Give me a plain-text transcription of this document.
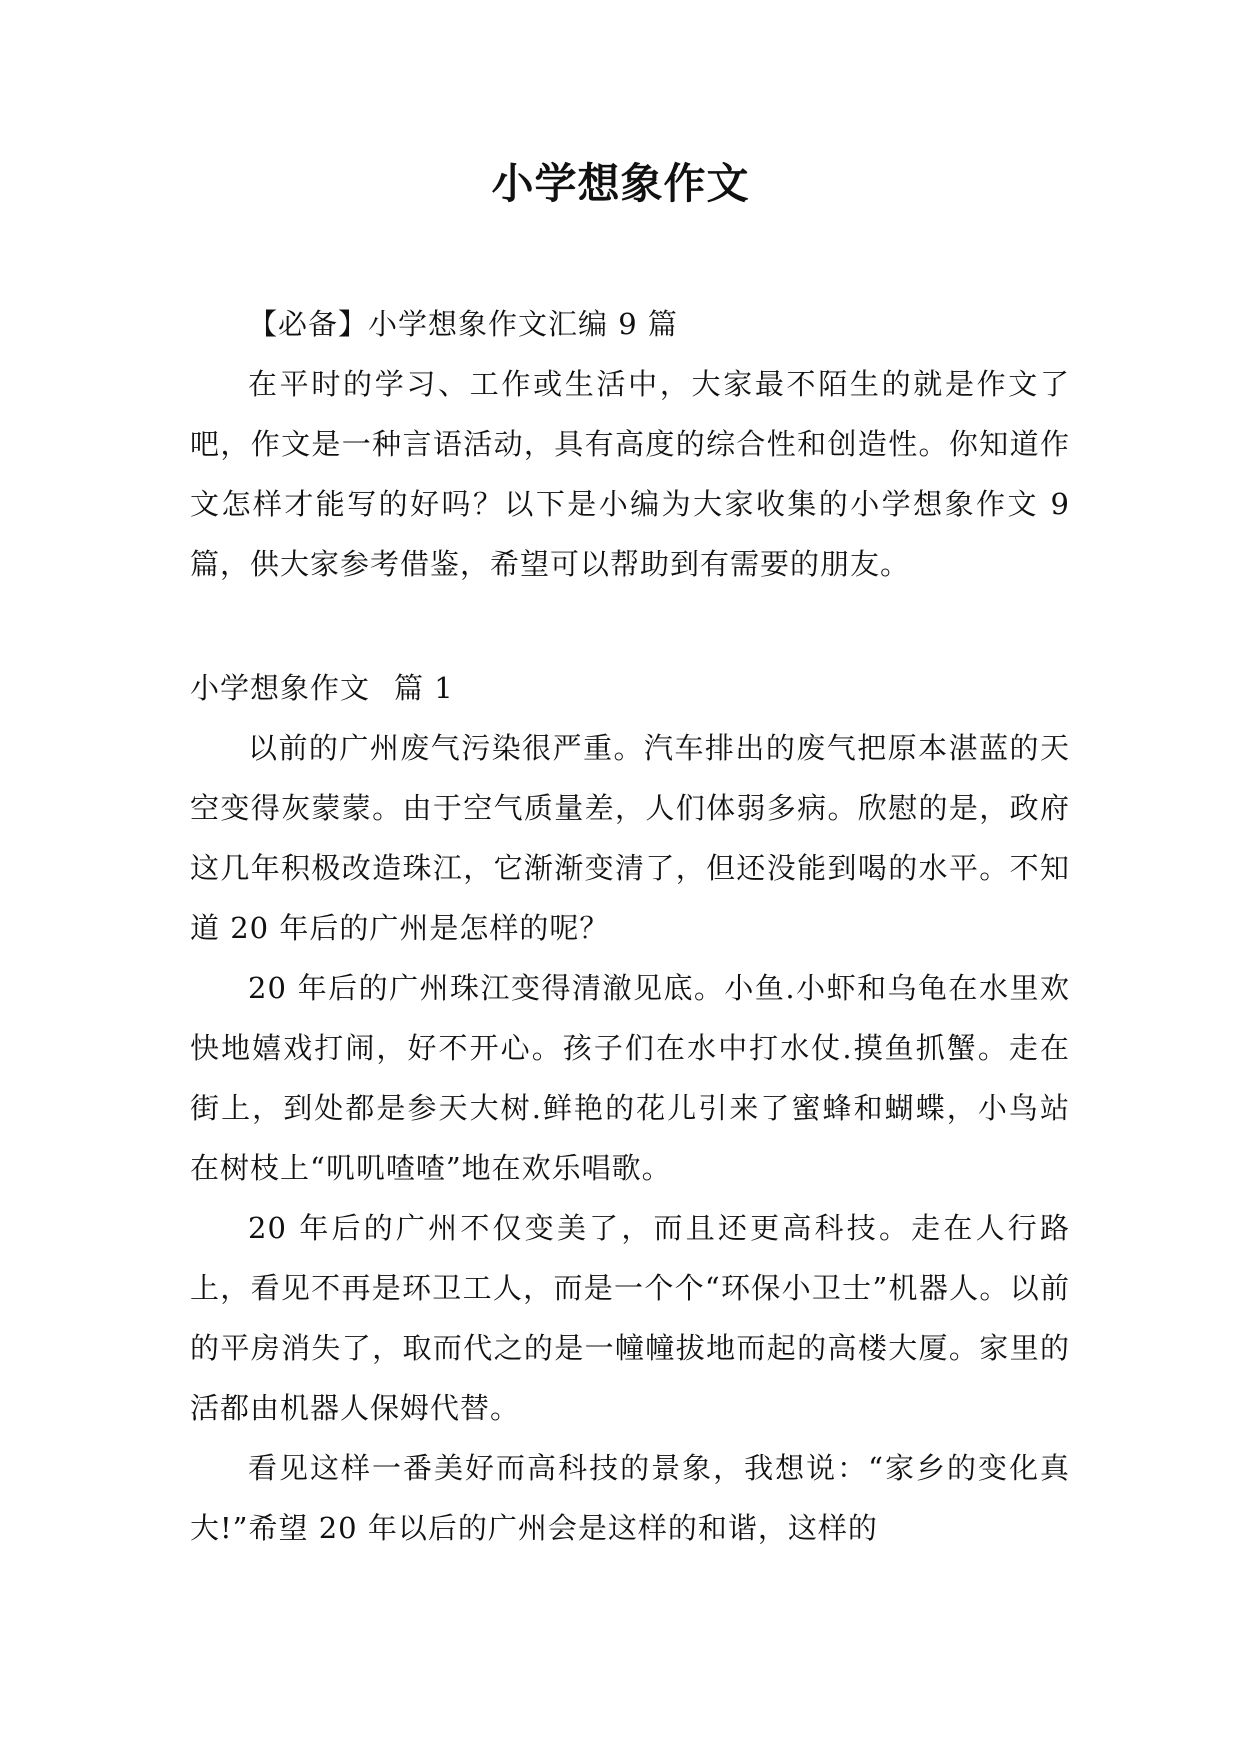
小学想象作文

【必备】小学想象作文汇编 9 篇

在平时的学习、工作或生活中，大家最不陌生的就是作文了吧，作文是一种言语活动，具有高度的综合性和创造性。你知道作文怎样才能写的好吗？以下是小编为大家收集的小学想象作文 9 篇，供大家参考借鉴，希望可以帮助到有需要的朋友。

小学想象作文 篇 1

以前的广州废气污染很严重。汽车排出的废气把原本湛蓝的天空变得灰蒙蒙。由于空气质量差，人们体弱多病。欣慰的是，政府这几年积极改造珠江，它渐渐变清了，但还没能到喝的水平。不知道 20 年后的广州是怎样的呢？

20 年后的广州珠江变得清澈见底。小鱼.小虾和乌龟在水里欢快地嬉戏打闹，好不开心。孩子们在水中打水仗.摸鱼抓蟹。走在街上，到处都是参天大树.鲜艳的花儿引来了蜜蜂和蝴蝶，小鸟站在树枝上“叽叽喳喳”地在欢乐唱歌。

20 年后的广州不仅变美了，而且还更高科技。走在人行路上，看见不再是环卫工人，而是一个个“环保小卫士”机器人。以前的平房消失了，取而代之的是一幢幢拔地而起的高楼大厦。家里的活都由机器人保姆代替。

看见这样一番美好而高科技的景象，我想说：“家乡的变化真大!”希望 20 年以后的广州会是这样的和谐，这样的
